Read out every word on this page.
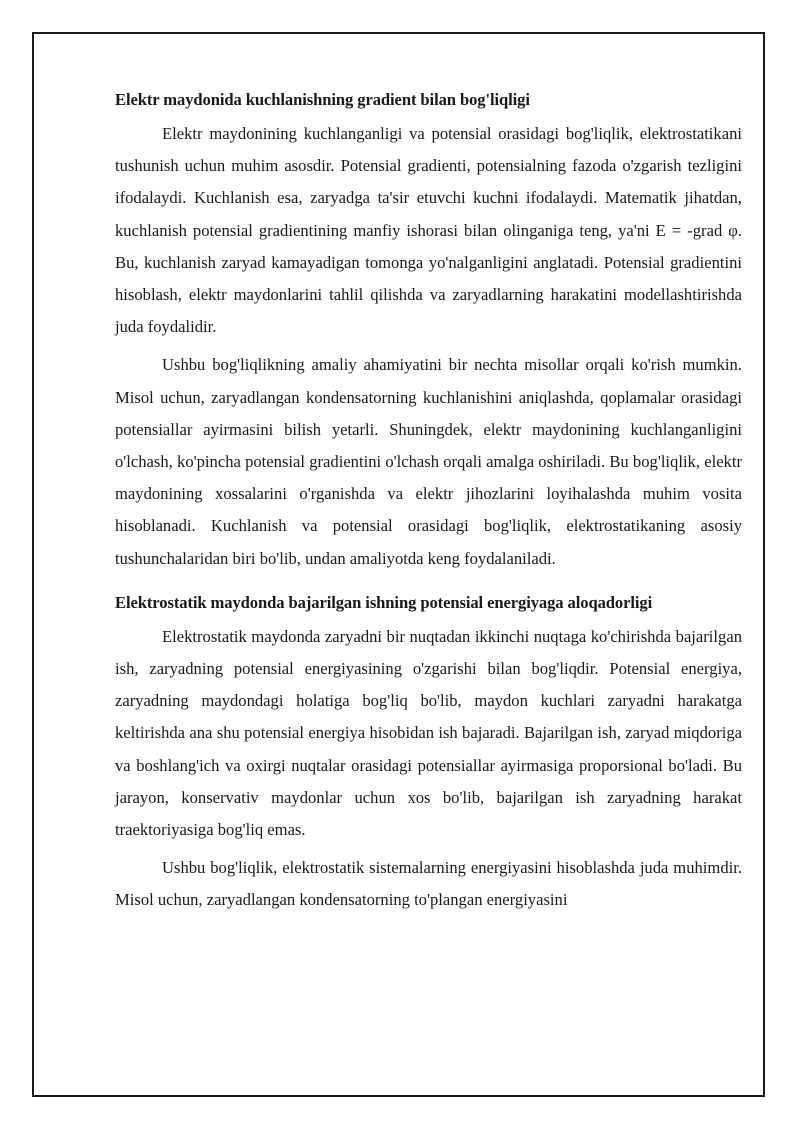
Elektr maydonida kuchlanishning gradient bilan bog'liqligi

Elektr maydonining kuchlanganligi va potensial orasidagi bog'liqlik, elektrostatikani tushunish uchun muhim asosdir. Potensial gradienti, potensialning fazoda o'zgarish tezligini ifodalaydi. Kuchlanish esa, zaryadga ta'sir etuvchi kuchni ifodalaydi. Matematik jihatdan, kuchlanish potensial gradientining manfiy ishorasi bilan olinganiga teng, ya'ni E = -grad φ. Bu, kuchlanish zaryad kamayadigan tomonga yo'nalganligini anglatadi. Potensial gradientini hisoblash, elektr maydonlarini tahlil qilishda va zaryadlarning harakatini modellashtirishda juda foydalidir.

Ushbu bog'liqlikning amaliy ahamiyatini bir nechta misollar orqali ko'rish mumkin. Misol uchun, zaryadlangan kondensatorning kuchlanishini aniqlashda, qoplamalar orasidagi potensiallar ayirmasini bilish yetarli. Shuningdek, elektr maydonining kuchlanganligini o'lchash, ko'pincha potensial gradientini o'lchash orqali amalga oshiriladi. Bu bog'liqlik, elektr maydonining xossalarini o'rganishda va elektr jihozlarini loyihalashda muhim vosita hisoblanadi. Kuchlanish va potensial orasidagi bog'liqlik, elektrostatikaning asosiy tushunchalaridan biri bo'lib, undan amaliyotda keng foydalaniladi.

Elektrostatik maydonda bajarilgan ishning potensial energiyaga aloqadorligi

Elektrostatik maydonda zaryadni bir nuqtadan ikkinchi nuqtaga ko'chirishda bajarilgan ish, zaryadning potensial energiyasining o'zgarishi bilan bog'liqdir. Potensial energiya, zaryadning maydondagi holatiga bog'liq bo'lib, maydon kuchlari zaryadni harakatga keltirishda ana shu potensial energiya hisobidan ish bajaradi. Bajarilgan ish, zaryad miqdoriga va boshlang'ich va oxirgi nuqtalar orasidagi potensiallar ayirmasiga proporsional bo'ladi. Bu jarayon, konservativ maydonlar uchun xos bo'lib, bajarilgan ish zaryadning harakat traektoriyasiga bog'liq emas.

Ushbu bog'liqlik, elektrostatik sistemalarning energiyasini hisoblashda juda muhimdir. Misol uchun, zaryadlangan kondensatorning to'plangan energiyasini
